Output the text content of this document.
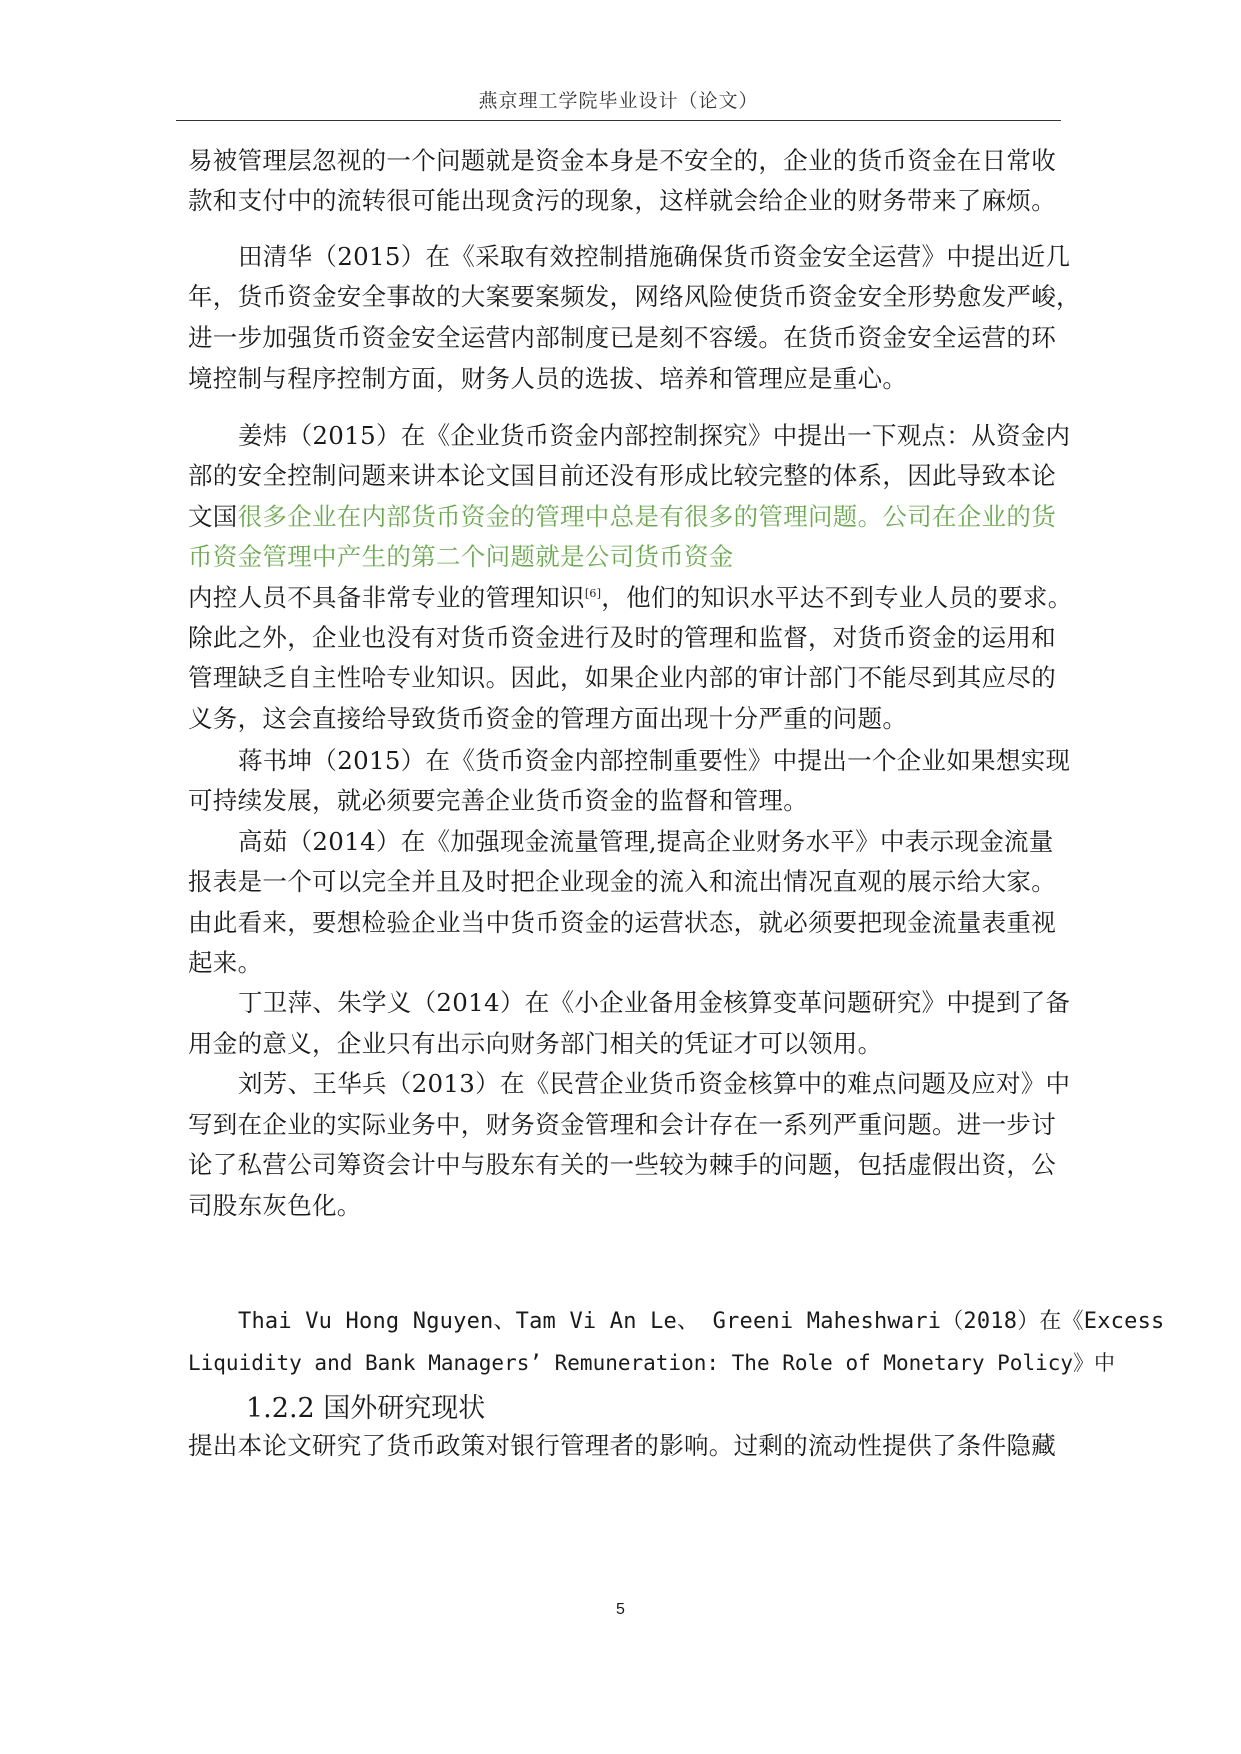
燕京理工学院毕业设计（论文）
易被管理层忽视的一个问题就是资金本身是不安全的，企业的货币资金在日常收
款和支付中的流转很可能出现贪污的现象，这样就会给企业的财务带来了麻烦。
田清华（2015）在《采取有效控制措施确保货币资金安全运营》中提出近几
年，货币资金安全事故的大案要案频发，网络风险使货币资金安全形势愈发严峻，
进一步加强货币资金安全运营内部制度已是刻不容缓。在货币资金安全运营的环
境控制与程序控制方面，财务人员的选拔、培养和管理应是重心。
姜炜（2015）在《企业货币资金内部控制探究》中提出一下观点：从资金内
部的安全控制问题来讲本论文国目前还没有形成比较完整的体系，因此导致本论
文国很多企业在内部货币资金的管理中总是有很多的管理问题。公司在企业的货
币资金管理中产生的第二个问题就是公司货币资金
内控人员不具备非常专业的管理知识[6]，他们的知识水平达不到专业人员的要求。
除此之外，企业也没有对货币资金进行及时的管理和监督，对货币资金的运用和
管理缺乏自主性哈专业知识。因此，如果企业内部的审计部门不能尽到其应尽的
义务，这会直接给导致货币资金的管理方面出现十分严重的问题。
蒋书坤（2015）在《货币资金内部控制重要性》中提出一个企业如果想实现
可持续发展，就必须要完善企业货币资金的监督和管理。
高茹（2014）在《加强现金流量管理,提高企业财务水平》中表示现金流量
报表是一个可以完全并且及时把企业现金的流入和流出情况直观的展示给大家。
由此看来，要想检验企业当中货币资金的运营状态，就必须要把现金流量表重视
起来。
丁卫萍、朱学义（2014）在《小企业备用金核算变革问题研究》中提到了备
用金的意义，企业只有出示向财务部门相关的凭证才可以领用。
刘芳、王华兵（2013）在《民营企业货币资金核算中的难点问题及应对》中
写到在企业的实际业务中，财务资金管理和会计存在一系列严重问题。进一步讨
论了私营公司筹资会计中与股东有关的一些较为棘手的问题，包括虚假出资，公
司股东灰色化。
1.2.2 国外研究现状
Thai Vu Hong Nguyen、Tam Vi An Le、 Greeni Maheshwari（2018）在《Excess
Liquidity and Bank Managers’ Remuneration: The Role of Monetary Policy》中
提出本论文研究了货币政策对银行管理者的影响。过剩的流动性提供了条件隐藏
5
